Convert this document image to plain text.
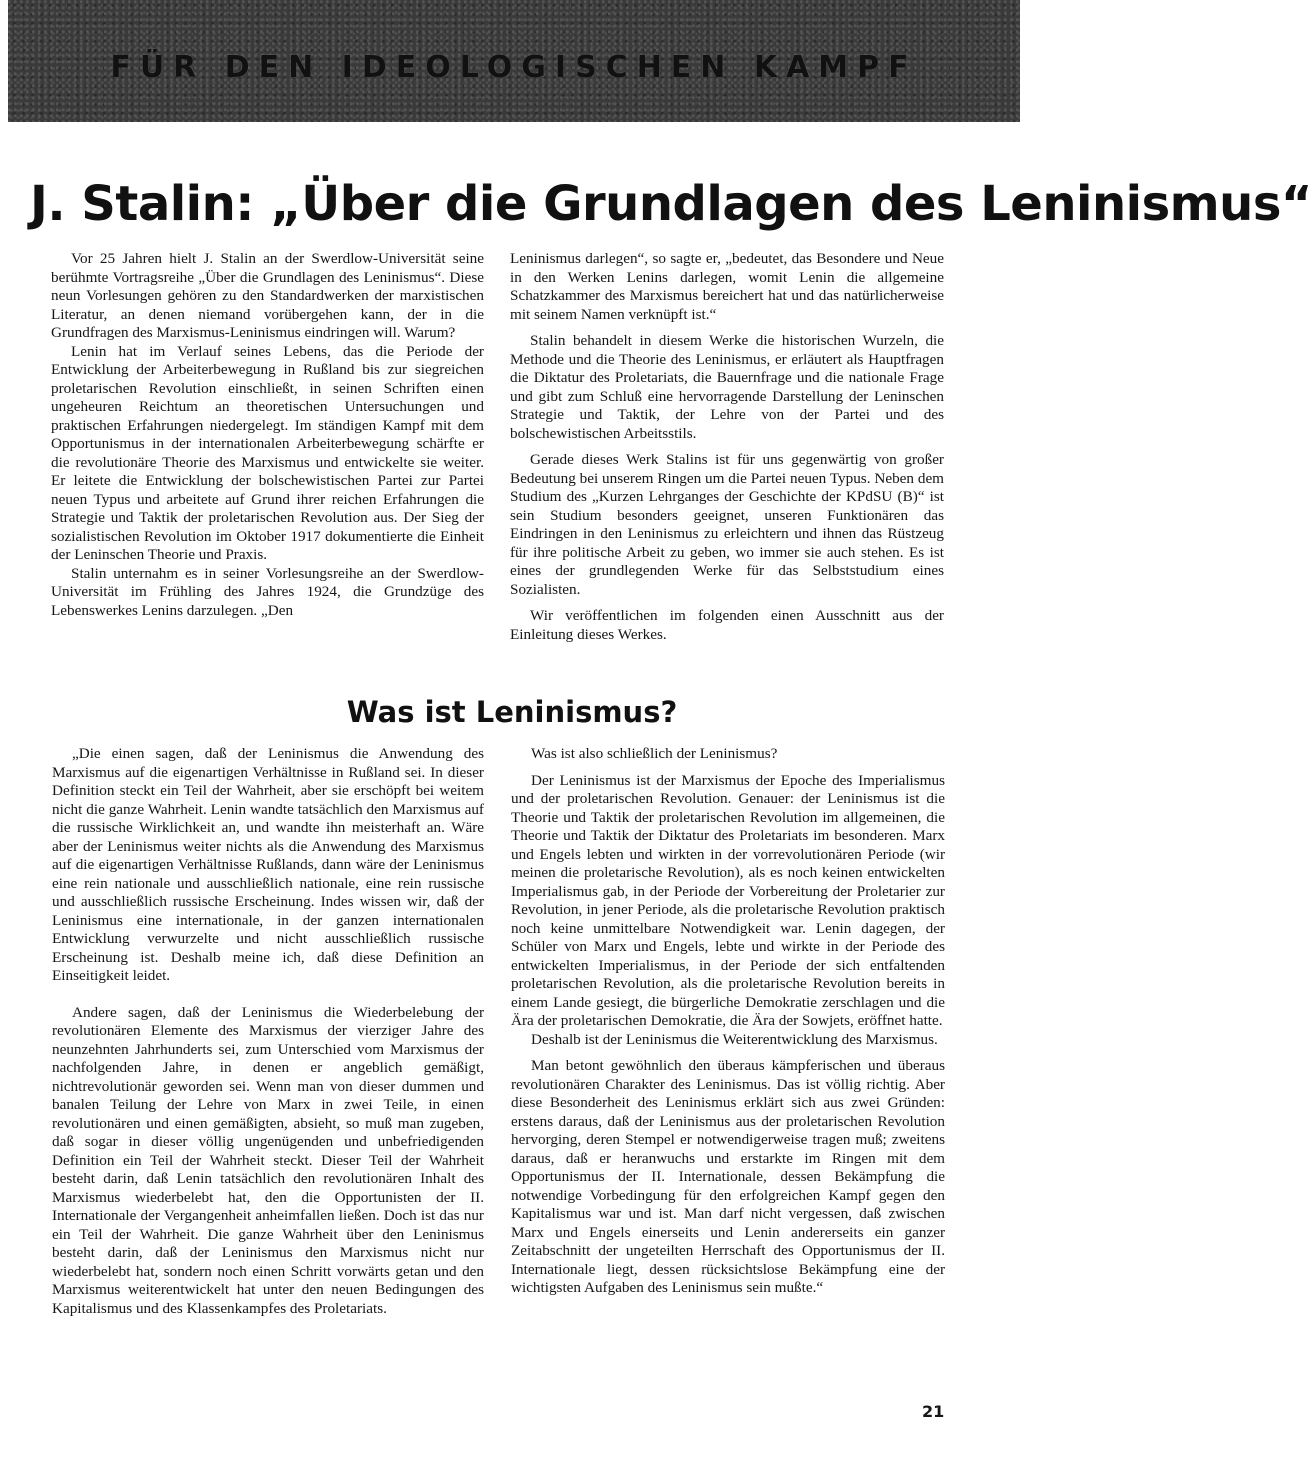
FÜR DEN IDEOLOGISCHEN KAMPF
J. Stalin: „Über die Grundlagen des Leninismus“

Vor 25 Jahren hielt J. Stalin an der Swerdlow-Universität seine berühmte Vortragsreihe „Über die Grundlagen des Leninismus“. Diese neun Vorlesungen gehören zu den Standardwerken der marxistischen Literatur, an denen niemand vorübergehen kann, der in die Grundfragen des Marxismus-Leninismus eindringen will. Warum?

Lenin hat im Verlauf seines Lebens, das die Periode der Entwicklung der Arbeiterbewegung in Rußland bis zur siegreichen proletarischen Revolution einschließt, in seinen Schriften einen ungeheuren Reichtum an theoretischen Untersuchungen und praktischen Erfahrungen niedergelegt. Im ständigen Kampf mit dem Opportunismus in der internationalen Arbeiterbewegung schärfte er die revolutionäre Theorie des Marxismus und entwickelte sie weiter. Er leitete die Entwicklung der bolschewistischen Partei zur Partei neuen Typus und arbeitete auf Grund ihrer reichen Erfahrungen die Strategie und Taktik der proletarischen Revolution aus. Der Sieg der sozialistischen Revolution im Oktober 1917 dokumentierte die Einheit der Leninschen Theorie und Praxis.

Stalin unternahm es in seiner Vorlesungsreihe an der Swerdlow-Universität im Frühling des Jahres 1924, die Grundzüge des Lebenswerkes Lenins darzulegen. „Den

Leninismus darlegen“, so sagte er, „bedeutet, das Besondere und Neue in den Werken Lenins darlegen, womit Lenin die allgemeine Schatzkammer des Marxismus bereichert hat und das natürlicherweise mit seinem Namen verknüpft ist.“

Stalin behandelt in diesem Werke die historischen Wurzeln, die Methode und die Theorie des Leninismus, er erläutert als Hauptfragen die Diktatur des Proletariats, die Bauernfrage und die nationale Frage und gibt zum Schluß eine hervorragende Darstellung der Leninschen Strategie und Taktik, der Lehre von der Partei und des bolschewistischen Arbeitsstils.

Gerade dieses Werk Stalins ist für uns gegenwärtig von großer Bedeutung bei unserem Ringen um die Partei neuen Typus. Neben dem Studium des „Kurzen Lehrganges der Geschichte der KPdSU (B)“ ist sein Studium besonders geeignet, unseren Funktionären das Eindringen in den Leninismus zu erleichtern und ihnen das Rüstzeug für ihre politische Arbeit zu geben, wo immer sie auch stehen. Es ist eines der grundlegenden Werke für das Selbststudium eines Sozialisten.

Wir veröffentlichen im folgenden einen Ausschnitt aus der Einleitung dieses Werkes.

Was ist Leninismus?

„Die einen sagen, daß der Leninismus die Anwendung des Marxismus auf die eigenartigen Verhältnisse in Rußland sei. In dieser Definition steckt ein Teil der Wahrheit, aber sie erschöpft bei weitem nicht die ganze Wahrheit. Lenin wandte tatsächlich den Marxismus auf die russische Wirklichkeit an, und wandte ihn meisterhaft an. Wäre aber der Leninismus weiter nichts als die Anwendung des Marxismus auf die eigenartigen Verhältnisse Rußlands, dann wäre der Leninismus eine rein nationale und ausschließlich nationale, eine rein russische und ausschließlich russische Erscheinung. Indes wissen wir, daß der Leninismus eine internationale, in der ganzen internationalen Entwicklung verwurzelte und nicht ausschließlich russische Erscheinung ist. Deshalb meine ich, daß diese Definition an Einseitigkeit leidet.

Andere sagen, daß der Leninismus die Wiederbelebung der revolutionären Elemente des Marxismus der vierziger Jahre des neunzehnten Jahrhunderts sei, zum Unterschied vom Marxismus der nachfolgenden Jahre, in denen er angeblich gemäßigt, nichtrevolutionär geworden sei. Wenn man von dieser dummen und banalen Teilung der Lehre von Marx in zwei Teile, in einen revolutionären und einen gemäßigten, absieht, so muß man zugeben, daß sogar in dieser völlig ungenügenden und unbefriedigenden Definition ein Teil der Wahrheit steckt. Dieser Teil der Wahrheit besteht darin, daß Lenin tatsächlich den revolutionären Inhalt des Marxismus wiederbelebt hat, den die Opportunisten der II. Internationale der Vergangenheit anheimfallen ließen. Doch ist das nur ein Teil der Wahrheit. Die ganze Wahrheit über den Leninismus besteht darin, daß der Leninismus den Marxismus nicht nur wiederbelebt hat, sondern noch einen Schritt vorwärts getan und den Marxismus weiterentwickelt hat unter den neuen Bedingungen des Kapitalismus und des Klassenkampfes des Proletariats.

Was ist also schließlich der Leninismus?

Der Leninismus ist der Marxismus der Epoche des Imperialismus und der proletarischen Revolution. Genauer: der Leninismus ist die Theorie und Taktik der proletarischen Revolution im allgemeinen, die Theorie und Taktik der Diktatur des Proletariats im besonderen. Marx und Engels lebten und wirkten in der vorrevolutionären Periode (wir meinen die proletarische Revolution), als es noch keinen entwickelten Imperialismus gab, in der Periode der Vorbereitung der Proletarier zur Revolution, in jener Periode, als die proletarische Revolution praktisch noch keine unmittelbare Notwendigkeit war. Lenin dagegen, der Schüler von Marx und Engels, lebte und wirkte in der Periode des entwickelten Imperialismus, in der Periode der sich entfaltenden proletarischen Revolution, als die proletarische Revolution bereits in einem Lande gesiegt, die bürgerliche Demokratie zerschlagen und die Ära der proletarischen Demokratie, die Ära der Sowjets, eröffnet hatte.

Deshalb ist der Leninismus die Weiterentwicklung des Marxismus.

Man betont gewöhnlich den überaus kämpferischen und überaus revolutionären Charakter des Leninismus. Das ist völlig richtig. Aber diese Besonderheit des Leninismus erklärt sich aus zwei Gründen: erstens daraus, daß der Leninismus aus der proletarischen Revolution hervorging, deren Stempel er notwendigerweise tragen muß; zweitens daraus, daß er heranwuchs und erstarkte im Ringen mit dem Opportunismus der II. Internationale, dessen Bekämpfung die notwendige Vorbedingung für den erfolgreichen Kampf gegen den Kapitalismus war und ist. Man darf nicht vergessen, daß zwischen Marx und Engels einerseits und Lenin andererseits ein ganzer Zeitabschnitt der ungeteilten Herrschaft des Opportunismus der II. Internationale liegt, dessen rücksichtslose Bekämpfung eine der wichtigsten Aufgaben des Leninismus sein mußte.“

21
